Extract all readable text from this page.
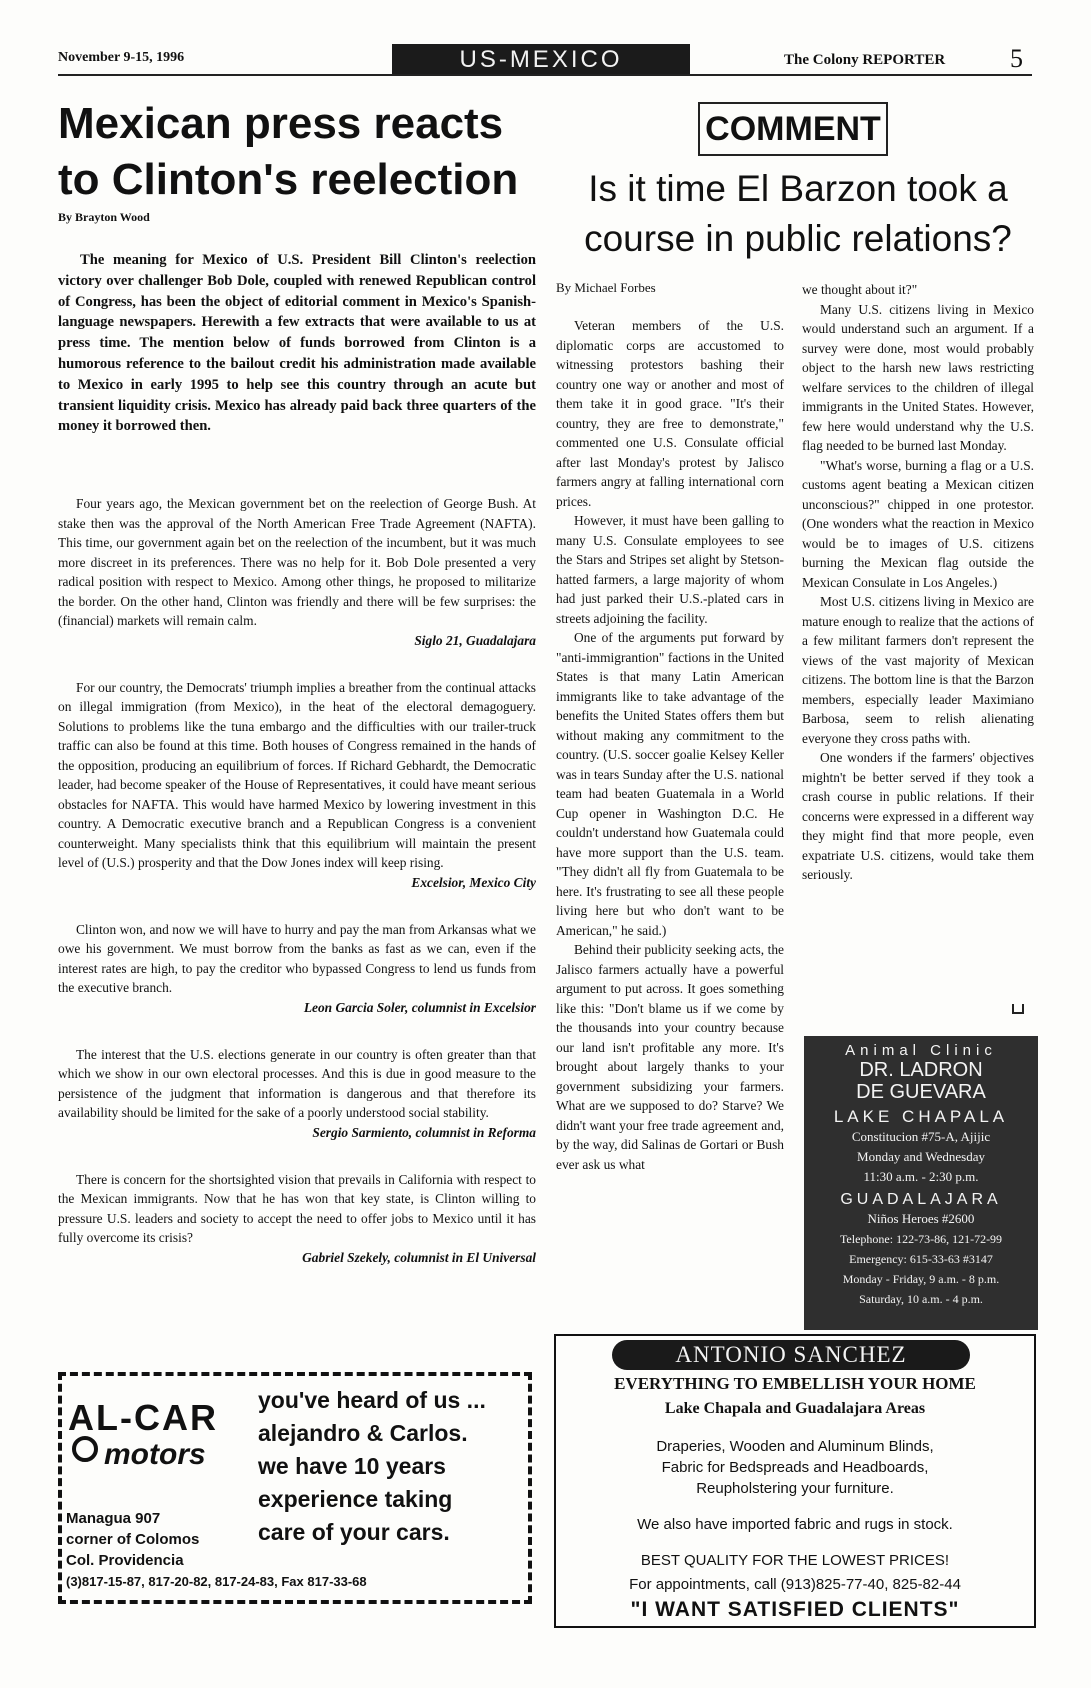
November 9-15, 1996	US-MEXICO	The Colony REPORTER 5
Mexican press reacts
to Clinton's reelection
By Brayton Wood

The meaning for Mexico of U.S. President Bill Clinton's reelection victory over challenger Bob Dole, coupled with renewed Republican control of Congress, has been the object of editorial comment in Mexico's Spanish-language newspapers. Herewith a few extracts that were available to us at press time. The mention below of funds borrowed from Clinton is a humorous reference to the bailout credit his administration made available to Mexico in early 1995 to help see this country through an acute but transient liquidity crisis. Mexico has already paid back three quarters of the money it borrowed then.

Four years ago, the Mexican government bet on the reelection of George Bush. At stake then was the approval of the North American Free Trade Agreement (NAFTA). This time, our government again bet on the reelection of the incumbent, but it was much more discreet in its preferences. There was no help for it. Bob Dole presented a very radical position with respect to Mexico. Among other things, he proposed to militarize the border. On the other hand, Clinton was friendly and there will be few surprises: the (financial) markets will remain calm.

Siglo 21, Guadalajara

For our country, the Democrats' triumph implies a breather from the continual attacks on illegal immigration (from Mexico), in the heat of the electoral demagoguery. Solutions to problems like the tuna embargo and the difficulties with our trailer-truck traffic can also be found at this time. Both houses of Congress remained in the hands of the opposition, producing an equilibrium of forces. If Richard Gebhardt, the Democratic leader, had become speaker of the House of Representatives, it could have meant serious obstacles for NAFTA. This would have harmed Mexico by lowering investment in this country. A Democratic executive branch and a Republican Congress is a convenient counterweight. Many specialists think that this equilibrium will maintain the present level of (U.S.) prosperity and that the Dow Jones index will keep rising.

Excelsior, Mexico City

Clinton won, and now we will have to hurry and pay the man from Arkansas what we owe his government. We must borrow from the banks as fast as we can, even if the interest rates are high, to pay the creditor who bypassed Congress to lend us funds from the executive branch.

Leon Garcia Soler, columnist in Excelsior

The interest that the U.S. elections generate in our country is often greater than that which we show in our own electoral processes. And this is due in good measure to the persistence of the judgment that information is dangerous and that therefore its availability should be limited for the sake of a poorly understood social stability.

Sergio Sarmiento, columnist in Reforma

There is concern for the shortsighted vision that prevails in California with respect to the Mexican immigrants. Now that he has won that key state, is Clinton willing to pressure U.S. leaders and society to accept the need to offer jobs to Mexico until it has fully overcome its crisis?

Gabriel Szekely, columnist in El Universal

COMMENT
Is it time El Barzon took a
course in public relations?
By Michael Forbes

Veteran members of the U.S. diplomatic corps are accustomed to witnessing protestors bashing their country one way or another and most of them take it in good grace. "It's their country, they are free to demonstrate," commented one U.S. Consulate official after last Monday's protest by Jalisco farmers angry at falling international corn prices.

However, it must have been galling to many U.S. Consulate employees to see the Stars and Stripes set alight by Stetson-hatted farmers, a large majority of whom had just parked their U.S.-plated cars in streets adjoining the facility.

One of the arguments put forward by "anti-immigrantion" factions in the United States is that many Latin American immigrants like to take advantage of the benefits the United States offers them but without making any commitment to the country. (U.S. soccer goalie Kelsey Keller was in tears Sunday after the U.S. national team had beaten Guatemala in a World Cup opener in Washington D.C. He couldn't understand how Guatemala could have more support than the U.S. team. "They didn't all fly from Guatemala to be here. It's frustrating to see all these people living here but who don't want to be American," he said.)

Behind their publicity seeking acts, the Jalisco farmers actually have a powerful argument to put across. It goes something like this: "Don't blame us if we come by the thousands into your country because our land isn't profitable any more. It's brought about largely thanks to your government subsidizing your farmers. What are we supposed to do? Starve? We didn't want your free trade agreement and, by the way, did Salinas de Gortari or Bush ever ask us what

we thought about it?"

Many U.S. citizens living in Mexico would understand such an argument. If a survey were done, most would probably object to the harsh new laws restricting welfare services to the children of illegal immigrants in the United States. However, few here would understand why the U.S. flag needed to be burned last Monday.

"What's worse, burning a flag or a U.S. customs agent beating a Mexican citizen unconscious?" chipped in one protestor. (One wonders what the reaction in Mexico would be to images of U.S. citizens burning the Mexican flag outside the Mexican Consulate in Los Angeles.)

Most U.S. citizens living in Mexico are mature enough to realize that the actions of a few militant farmers don't represent the views of the vast majority of Mexican citizens. The bottom line is that the Barzon members, especially leader Maximiano Barbosa, seem to relish alienating everyone they cross paths with.

One wonders if the farmers' objectives mightn't be better served if they took a crash course in public relations. If their concerns were expressed in a different way they might find that more people, even expatriate U.S. citizens, would take them seriously.

Animal Clinic
DR. LADRON
DE GUEVARA
LAKE CHAPALA
Constitucion #75-A, Ajijic
Monday and Wednesday
11:30 a.m. - 2:30 p.m.
GUADALAJARA
Niños Heroes #2600
Telephone: 122-73-86, 121-72-99
Emergency: 615-33-63 #3147
Monday - Friday, 9 a.m. - 8 p.m.
Saturday, 10 a.m. - 4 p.m.
AL-CAR
motors
Managua 907
corner of Colomos
Col. Providencia
you've heard of us ...
alejandro & Carlos.
we have 10 years
experience taking
care of your cars.
(3)817-15-87, 817-20-82, 817-24-83, Fax 817-33-68
ANTONIO SANCHEZ
EVERYTHING TO EMBELLISH YOUR HOME
Lake Chapala and Guadalajara Areas
Draperies, Wooden and Aluminum Blinds,
Fabric for Bedspreads and Headboards,
Reupholstering your furniture.
We also have imported fabric and rugs in stock.
BEST QUALITY FOR THE LOWEST PRICES!
For appointments, call (913)825-77-40, 825-82-44
"I WANT SATISFIED CLIENTS"
